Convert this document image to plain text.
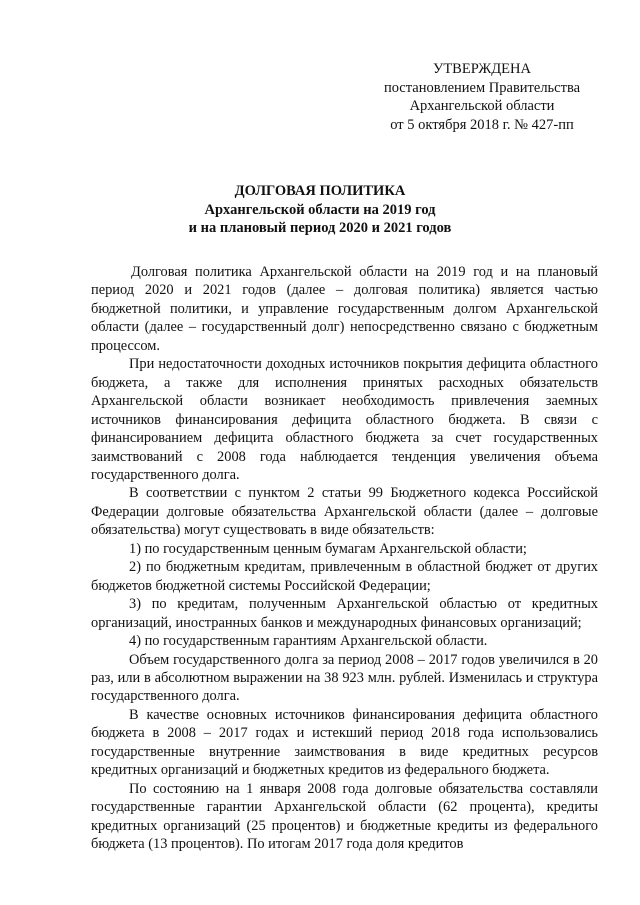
УТВЕРЖДЕНА
постановлением Правительства
Архангельской области
от 5 октября 2018 г. № 427-пп
ДОЛГОВАЯ ПОЛИТИКА
Архангельской области на 2019 год
и на плановый период 2020 и 2021 годов

Долговая политика Архангельской области на 2019 год и на плановый период 2020 и 2021 годов (далее – долговая политика) является частью бюджетной политики, и управление государственным долгом Архангельской области (далее – государственный долг) непосредственно связано с бюджетным процессом.

При недостаточности доходных источников покрытия дефицита областного бюджета, а также для исполнения принятых расходных обязательств Архангельской области возникает необходимость привлечения заемных источников финансирования дефицита областного бюджета. В связи с финансированием дефицита областного бюджета за счет государственных заимствований с 2008 года наблюдается тенденция увеличения объема государственного долга.

В соответствии с пунктом 2 статьи 99 Бюджетного кодекса Российской Федерации долговые обязательства Архангельской области (далее – долговые обязательства) могут существовать в виде обязательств:

1) по государственным ценным бумагам Архангельской области;

2) по бюджетным кредитам, привлеченным в областной бюджет от других бюджетов бюджетной системы Российской Федерации;

3) по кредитам, полученным Архангельской областью от кредитных организаций, иностранных банков и международных финансовых организаций;

4) по государственным гарантиям Архангельской области.

Объем государственного долга за период 2008 – 2017 годов увеличился в 20 раз, или в абсолютном выражении на 38 923 млн. рублей. Изменилась и структура государственного долга.

В качестве основных источников финансирования дефицита областного бюджета в 2008 – 2017 годах и истекший период 2018 года использовались государственные внутренние заимствования в виде кредитных ресурсов кредитных организаций и бюджетных кредитов из федерального бюджета.

По состоянию на 1 января 2008 года долговые обязательства составляли государственные гарантии Архангельской области (62 процента), кредиты кредитных организаций (25 процентов) и бюджетные кредиты из федерального бюджета (13 процентов). По итогам 2017 года доля кредитов
